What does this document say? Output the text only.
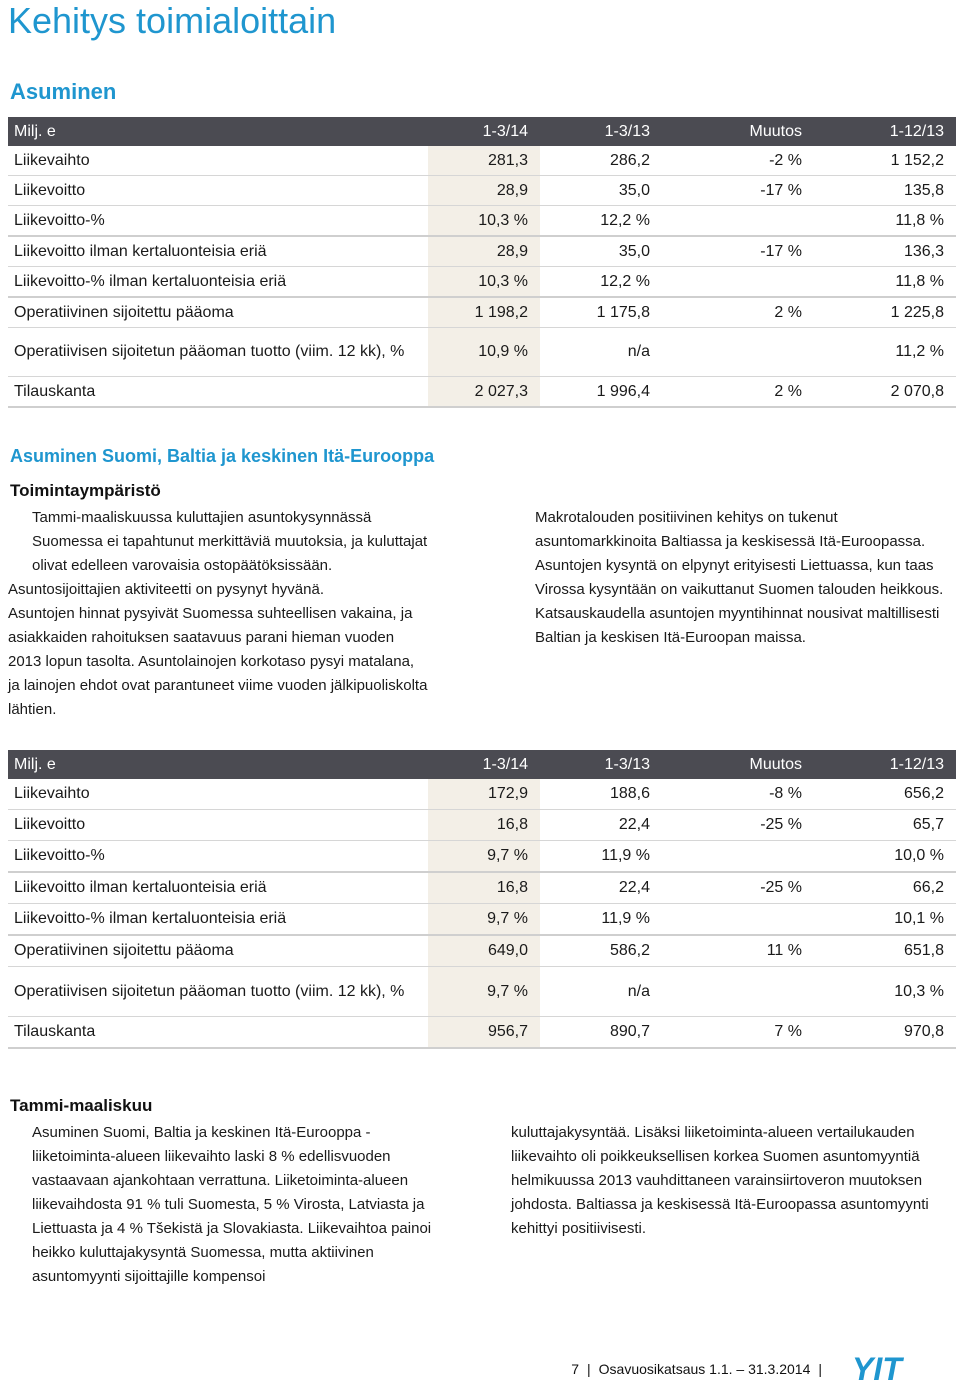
Kehitys toimialoittain
Asuminen
Milj. e	1-3/14	1-3/13	Muutos	1-12/13
Liikevaihto	281,3	286,2	-2 %	1 152,2
Liikevoitto	28,9	35,0	-17 %	135,8
Liikevoitto-%	10,3 %	12,2 %		11,8 %
Liikevoitto ilman kertaluonteisia eriä	28,9	35,0	-17 %	136,3
Liikevoitto-% ilman kertaluonteisia eriä	10,3 %	12,2 %		11,8 %
Operatiivinen sijoitettu pääoma	1 198,2	1 175,8	2 %	1 225,8
Operatiivisen sijoitetun pääoman tuotto (viim. 12 kk), %	10,9 %	n/a		11,2 %
Tilauskanta	2 027,3	1 996,4	2 %	2 070,8
Asuminen Suomi, Baltia ja keskinen Itä-Eurooppa
Toimintaympäristö

Tammi-maaliskuussa kuluttajien asuntokysynnässä Suomessa ei tapahtunut merkittäviä muutoksia, ja kuluttajat olivat edelleen varovaisia ostopäätöksissään.

Asuntosijoittajien aktiviteetti on pysynyt hyvänä.

Asuntojen hinnat pysyivät Suomessa suhteellisen vakaina, ja asiakkaiden rahoituksen saatavuus parani hieman vuoden 2013 lopun tasolta. Asuntolainojen korkotaso pysyi matalana, ja lainojen ehdot ovat parantuneet viime vuoden jälkipuoliskolta lähtien.

Makrotalouden positiivinen kehitys on tukenut asuntomarkkinoita Baltiassa ja keskisessä Itä-Euroopassa. Asuntojen kysyntä on elpynyt erityisesti Liettuassa, kun taas Virossa kysyntään on vaikuttanut Suomen talouden heikkous. Katsauskaudella asuntojen myyntihinnat nousivat maltillisesti Baltian ja keskisen Itä-Euroopan maissa.

Milj. e	1-3/14	1-3/13	Muutos	1-12/13
Liikevaihto	172,9	188,6	-8 %	656,2
Liikevoitto	16,8	22,4	-25 %	65,7
Liikevoitto-%	9,7 %	11,9 %		10,0 %
Liikevoitto ilman kertaluonteisia eriä	16,8	22,4	-25 %	66,2
Liikevoitto-% ilman kertaluonteisia eriä	9,7 %	11,9 %		10,1 %
Operatiivinen sijoitettu pääoma	649,0	586,2	11 %	651,8
Operatiivisen sijoitetun pääoman tuotto (viim. 12 kk), %	9,7 %	n/a		10,3 %
Tilauskanta	956,7	890,7	7 %	970,8
Tammi-maaliskuu

Asuminen Suomi, Baltia ja keskinen Itä-Eurooppa -liiketoiminta-alueen liikevaihto laski 8 % edellisvuoden vastaavaan ajankohtaan verrattuna. Liiketoiminta-alueen liikevaihdosta 91 % tuli Suomesta, 5 % Virosta, Latviasta ja Liettuasta ja 4 % Tšekistä ja Slovakiasta. Liikevaihtoa painoi heikko kuluttajakysyntä Suomessa, mutta aktiivinen asuntomyynti sijoittajille kompensoi

kuluttajakysyntää. Lisäksi liiketoiminta-alueen vertailukauden liikevaihto oli poikkeuksellisen korkea Suomen asuntomyyntiä helmikuussa 2013 vauhdittaneen varainsiirtoveron muutoksen johdosta. Baltiassa ja keskisessä Itä-Euroopassa asuntomyynti kehittyi positiivisesti.

7 | Osavuosikatsaus 1.1. – 31.3.2014 | YIT
